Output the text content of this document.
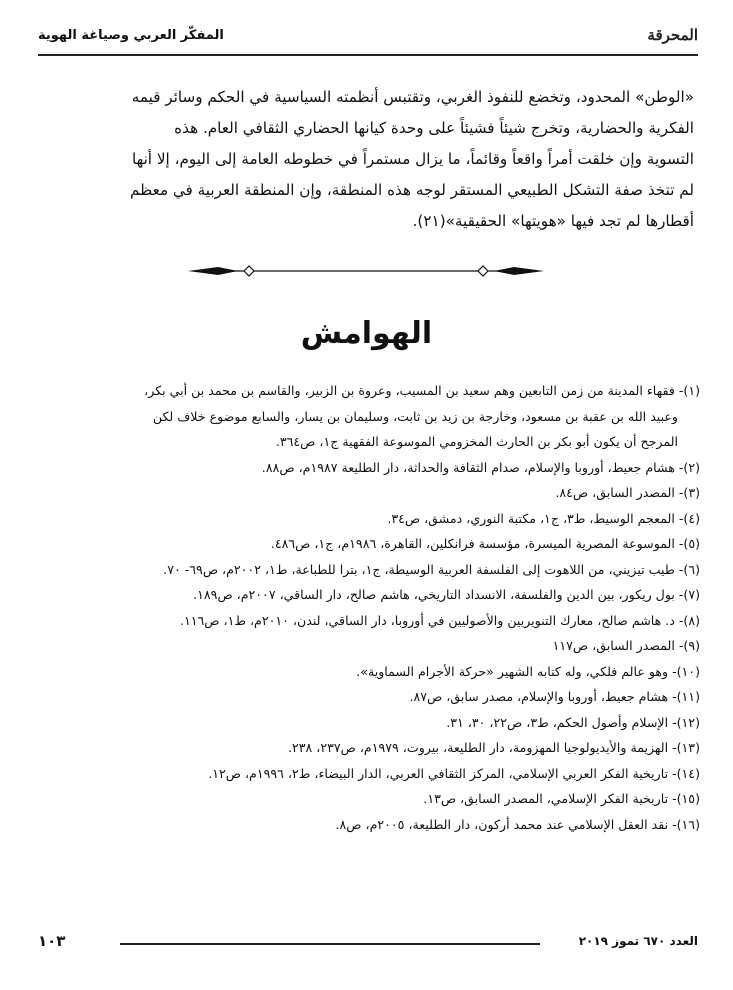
المحرقة
المفكّر العربي وصياغة الهوية

«الوطن» المحدود، وتخضع للنفوذ الغربي، وتقتبس أنظمته السياسية في الحكم وسائر قيمه

الفكرية والحضارية، وتخرج شيئاً فشيئاً على وحدة كيانها الحضاري الثقافي العام. هذه

التسوية وإن خلقت أمراً واقعاً وقائماً، ما يزال مستمراً في خطوطه العامة إلى اليوم، إلا أنها

لم تتخذ صفة التشكل الطبيعي المستقر لوجه هذه المنطقة، وإن المنطقة العربية في معظم

أقطارها لم تجد فيها «هويتها» الحقيقية»(٢١).

الهوامش
(١)- فقهاء المدينة من زمن التابعين وهم سعيد بن المسيب، وعروة بن الزبير، والقاسم بن محمد بن أبي بكر،
وعبيد الله بن عقبة بن مسعود، وخارجة بن زيد بن ثابت، وسليمان بن يسار، والسابع موضوع خلاف لكن
المرجح أن يكون أبو بكر بن الحارث المخزومي الموسوعة الفقهية ج١، ص٣٦٤.
(٢)- هشام جعيط، أوروبا والإسلام، صدام الثقافة والحداثة، دار الطليعة ١٩٨٧م، ص٨٨.
(٣)- المصدر السابق، ص٨٤.
(٤)- المعجم الوسيط، ط٣، ج١، مكتبة النوري، دمشق، ص٣٤.
(٥)- الموسوعة المصرية الميسرة، مؤسسة فرانكلين، القاهرة، ١٩٨٦م، ج١، ص٤٨٦.
(٦)- طيب تيزيني، من اللاهوت إلى الفلسفة العربية الوسيطة، ج١، بترا للطباعة، ط١، ٢٠٠٢م، ص٦٩- ٧٠.
(٧)- بول ريكور، بين الدين والفلسفة، الانسداد التاريخي، هاشم صالح، دار الساقي، ٢٠٠٧م، ص١٨٩.
(٨)- د. هاشم صالح، معارك التنويريين والأصوليين في أوروبا، دار الساقي، لندن، ٢٠١٠م، ط١، ص١١٦.
(٩)- المصدر السابق، ص١١٧
(١٠)- وهو عالم فلكي، وله كتابه الشهير «حركة الأجرام السماوية».
(١١)- هشام جعيط، أوروبا والإسلام، مصدر سابق، ص٨٧.
(١٢)- الإسلام وأصول الحكم، ط٣، ص٢٢، ٣٠، ٣١.
(١٣)- الهزيمة والأيديولوجيا المهزومة، دار الطليعة، بيروت، ١٩٧٩م، ص٢٣٧، ٢٣٨.
(١٤)- تاريخية الفكر العربي الإسلامي، المركز الثقافي العربي، الدار البيضاء، ط٢، ١٩٩٦م، ص١٢.
(١٥)- تاريخية الفكر الإسلامي، المصدر السابق، ص١٣.
(١٦)- نقد العقل الإسلامي عند محمد أركون، دار الطليعة، ٢٠٠٥م، ص٨.
العدد ٦٧٠ تموز ٢٠١٩
١٠٣
